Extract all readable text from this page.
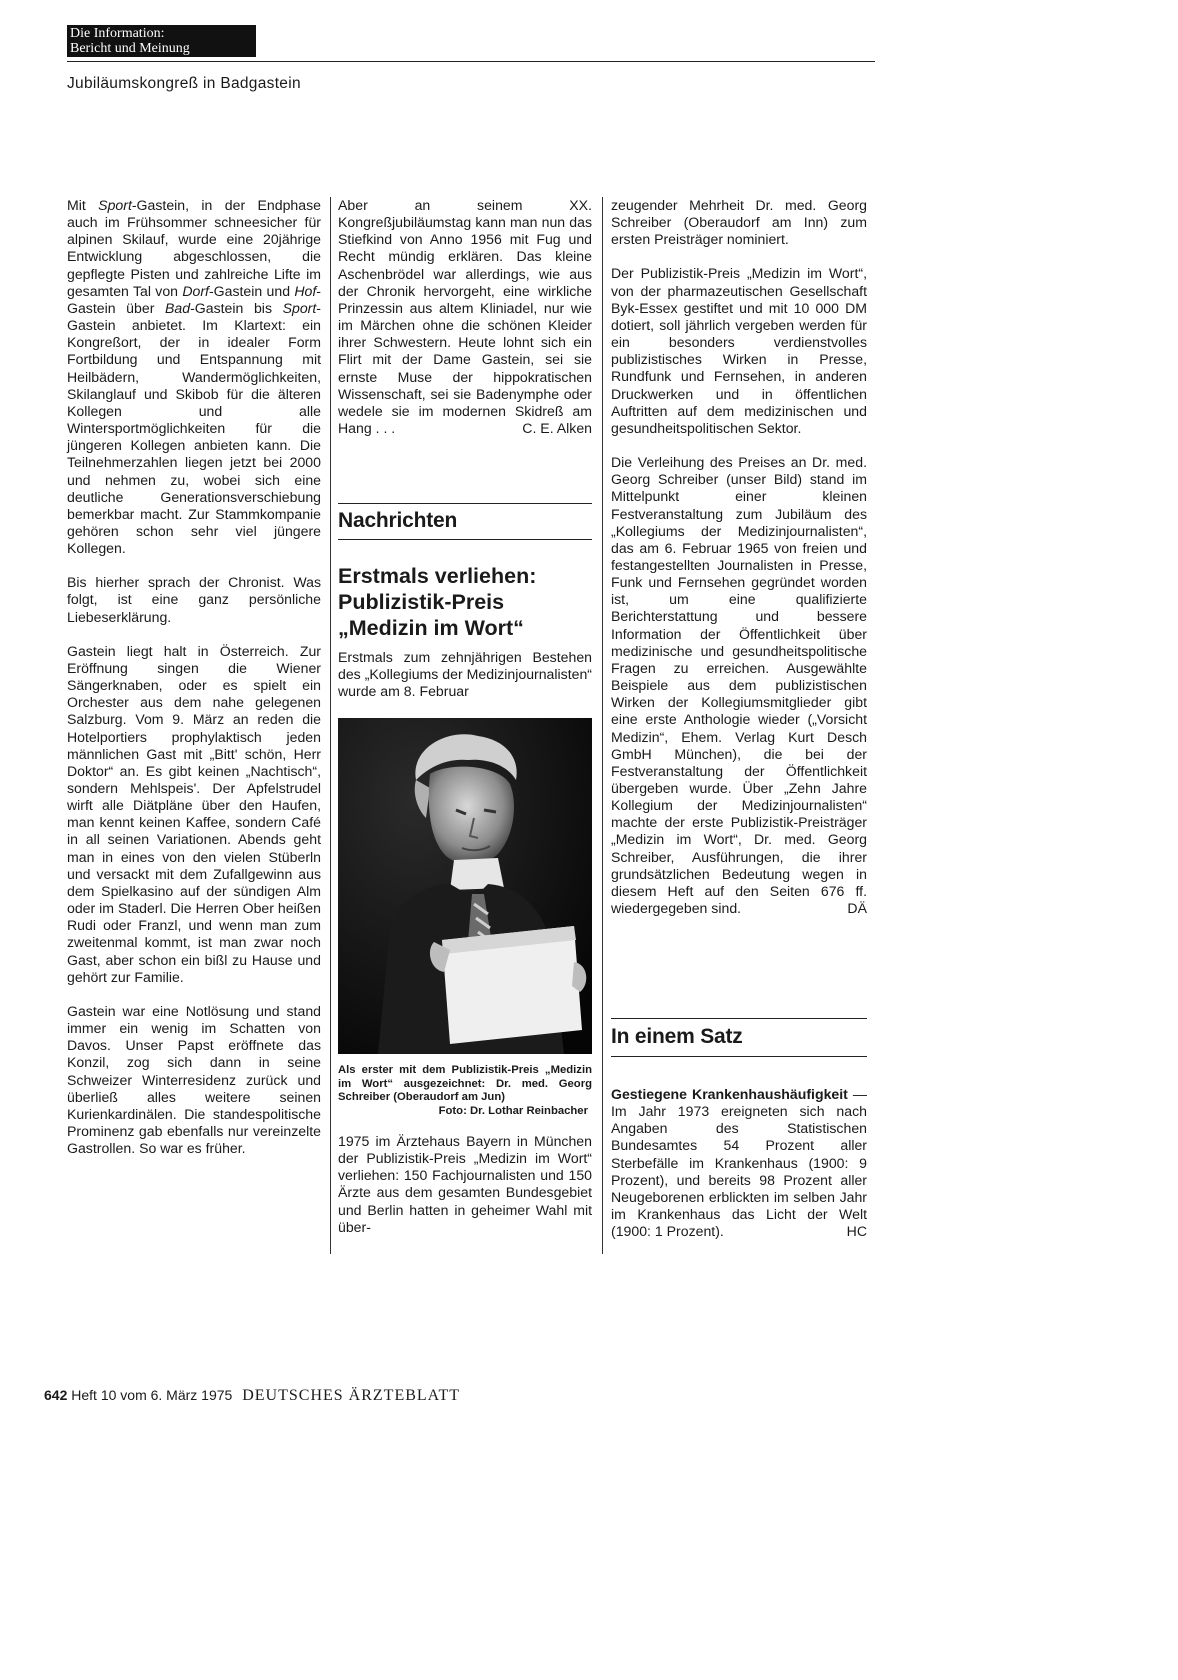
Die Information:
Bericht und Meinung
Jubiläumskongreß in Badgastein

Mit Sport-Gastein, in der Endphase auch im Frühsommer schneesicher für alpinen Skilauf, wurde eine 20jährige Entwicklung abgeschlossen, die gepflegte Pisten und zahlreiche Lifte im gesamten Tal von Dorf-Gastein und Hof-Gastein über Bad-Gastein bis Sport-Gastein anbietet. Im Klartext: ein Kongreßort, der in idealer Form Fortbildung und Entspannung mit Heilbädern, Wandermöglichkeiten, Skilanglauf und Skibob für die älteren Kollegen und alle Wintersportmöglichkeiten für die jüngeren Kollegen anbieten kann. Die Teilnehmerzahlen liegen jetzt bei 2000 und nehmen zu, wobei sich eine deutliche Generationsverschiebung bemerkbar macht. Zur Stammkompanie gehören schon sehr viel jüngere Kollegen.

Bis hierher sprach der Chronist. Was folgt, ist eine ganz persönliche Liebeserklärung.

Gastein liegt halt in Österreich. Zur Eröffnung singen die Wiener Sängerknaben, oder es spielt ein Orchester aus dem nahe gelegenen Salzburg. Vom 9. März an reden die Hotelportiers prophylaktisch jeden männlichen Gast mit „Bitt' schön, Herr Doktor“ an. Es gibt keinen „Nachtisch“, sondern Mehlspeis'. Der Apfelstrudel wirft alle Diätpläne über den Haufen, man kennt keinen Kaffee, sondern Café in all seinen Variationen. Abends geht man in eines von den vielen Stüberln und versackt mit dem Zufallgewinn aus dem Spielkasino auf der sündigen Alm oder im Staderl. Die Herren Ober heißen Rudi oder Franzl, und wenn man zum zweitenmal kommt, ist man zwar noch Gast, aber schon ein bißl zu Hause und gehört zur Familie.

Gastein war eine Notlösung und stand immer ein wenig im Schatten von Davos. Unser Papst eröffnete das Konzil, zog sich dann in seine Schweizer Winterresidenz zurück und überließ alles weitere seinen Kurienkardinälen. Die standespolitische Prominenz gab ebenfalls nur vereinzelte Gastrollen. So war es früher.

Aber an seinem XX. Kongreßjubiläumstag kann man nun das Stiefkind von Anno 1956 mit Fug und Recht mündig erklären. Das kleine Aschenbrödel war allerdings, wie aus der Chronik hervorgeht, eine wirkliche Prinzessin aus altem Kliniadel, nur wie im Märchen ohne die schönen Kleider ihrer Schwestern. Heute lohnt sich ein Flirt mit der Dame Gastein, sei sie ernste Muse der hippokratischen Wissenschaft, sei sie Badenymphe oder wedele sie im modernen Skidreß am Hang . . .	C. E. Alken

Nachrichten
Erstmals verliehen:
Publizistik-Preis
„Medizin im Wort“

Erstmals zum zehnjährigen Bestehen des „Kollegiums der Medizinjournalisten“ wurde am 8. Februar

Als erster mit dem Publizistik-Preis „Medizin im Wort“ ausgezeichnet: Dr. med. Georg Schreiber (Oberaudorf am Jun)
Foto: Dr. Lothar Reinbacher

1975 im Ärztehaus Bayern in München der Publizistik-Preis „Medizin im Wort“ verliehen: 150 Fachjournalisten und 150 Ärzte aus dem gesamten Bundesgebiet und Berlin hatten in geheimer Wahl mit über-

zeugender Mehrheit Dr. med. Georg Schreiber (Oberaudorf am Inn) zum ersten Preisträger nominiert.

Der Publizistik-Preis „Medizin im Wort“, von der pharmazeutischen Gesellschaft Byk-Essex gestiftet und mit 10 000 DM dotiert, soll jährlich vergeben werden für ein besonders verdienstvolles publizistisches Wirken in Presse, Rundfunk und Fernsehen, in anderen Druckwerken und in öffentlichen Auftritten auf dem medizinischen und gesundheitspolitischen Sektor.

Die Verleihung des Preises an Dr. med. Georg Schreiber (unser Bild) stand im Mittelpunkt einer kleinen Festveranstaltung zum Jubiläum des „Kollegiums der Medizinjournalisten“, das am 6. Februar 1965 von freien und festangestellten Journalisten in Presse, Funk und Fernsehen gegründet worden ist, um eine qualifizierte Berichterstattung und bessere Information der Öffentlichkeit über medizinische und gesundheitspolitische Fragen zu erreichen. Ausgewählte Beispiele aus dem publizistischen Wirken der Kollegiumsmitglieder gibt eine erste Anthologie wieder („Vorsicht Medizin“, Ehem. Verlag Kurt Desch GmbH München), die bei der Festveranstaltung der Öffentlichkeit übergeben wurde. Über „Zehn Jahre Kollegium der Medizinjournalisten“ machte der erste Publizistik-Preisträger „Medizin im Wort“, Dr. med. Georg Schreiber, Ausführungen, die ihrer grundsätzlichen Bedeutung wegen in diesem Heft auf den Seiten 676 ff. wiedergegeben sind.	DÄ

In einem Satz

Gestiegene Krankenhaushäufigkeit — Im Jahr 1973 ereigneten sich nach Angaben des Statistischen Bundesamtes 54 Prozent aller Sterbefälle im Krankenhaus (1900: 9 Prozent), und bereits 98 Prozent aller Neugeborenen erblickten im selben Jahr im Krankenhaus das Licht der Welt (1900: 1 Prozent).	HC

642 Heft 10 vom 6. März 1975 DEUTSCHES ÄRZTEBLATT
